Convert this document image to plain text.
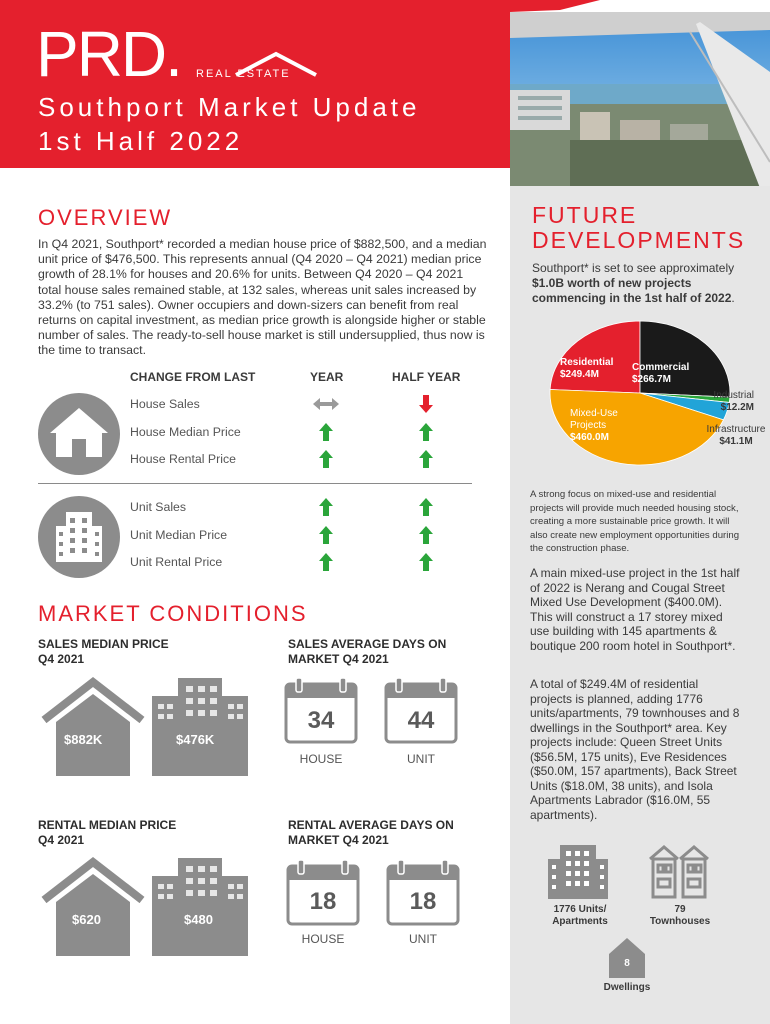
PRD. REAL ESTATE
Southport Market Update
1st Half 2022
FUTURE
DEVELOPMENTS
Southport* is set to see approximately $1.0B worth of new projects commencing in the 1st half of 2022.
Residential
$249.4M
Commercial
$266.7M
Industrial
$12.2M
Infrastructure
$41.1M
Mixed-Use Projects
$460.0M
A strong focus on mixed-use and residential projects will provide much needed housing stock, creating a more sustainable price growth. It will also create new employment opportunities during the construction phase.
A main mixed-use project in the 1st half of 2022 is Nerang and Cougal Street Mixed Use Development ($400.0M). This will construct a 17 storey mixed use building with 145 apartments & boutique 200 room hotel in Southport*.
A total of $249.4M of residential projects is planned, adding 1776 units/apartments, 79 townhouses and 8 dwellings in the Southport* area. Key projects include: Queen Street Units ($56.5M, 175 units), Eve Residences ($50.0M, 157 apartments), Back Street Units ($18.0M, 38 units), and Isola Apartments Labrador ($16.0M, 55 apartments).
1776 Units/
Apartments
79
Townhouses
8
Dwellings
OVERVIEW
In Q4 2021, Southport* recorded a median house price of $882,500, and a median unit price of $476,500. This represents annual (Q4 2020 – Q4 2021) median price growth of 28.1% for houses and 20.6% for units. Between Q4 2020 – Q4 2021 total house sales remained stable, at 132 sales, whereas unit sales increased by 33.2% (to 751 sales). Owner occupiers and down-sizers can benefit from real returns on capital investment, as median price growth is alongside higher or stable number of sales. The ready-to-sell house market is still undersupplied, thus now is the time to transact.
CHANGE FROM LAST	YEAR	HALF YEAR
House Sales
House Median Price
House Rental Price
Unit Sales
Unit Median Price
Unit Rental Price
MARKET CONDITIONS
SALES MEDIAN PRICE
Q4 2021
SALES AVERAGE DAYS ON
MARKET Q4 2021
$882K	$476K
34
HOUSE
44
UNIT
RENTAL MEDIAN PRICE
Q4 2021
RENTAL AVERAGE DAYS ON
MARKET Q4 2021
$620	$480
18
HOUSE
18
UNIT
